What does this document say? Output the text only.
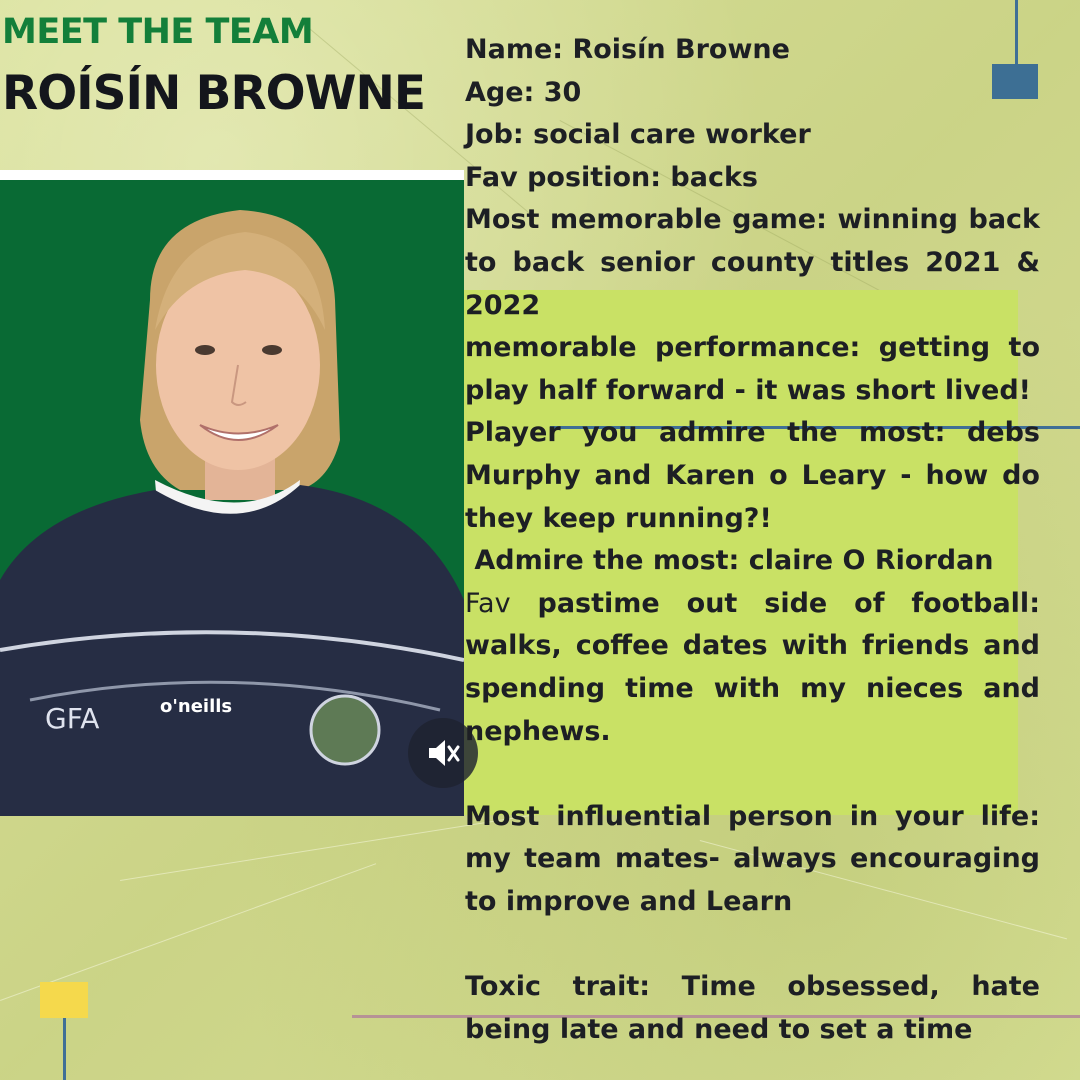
MEET THE TEAM
ROÍSÍN BROWNE
GFA	o'neills

Name: Roisín Browne

Age: 30

Job: social care worker

Fav position: backs

Most memorable game: winning back to back senior county titles 2021 & 2022

memorable performance: getting to play half forward - it was short lived!

Player you admire the most: debs Murphy and Karen o Leary - how do they keep running?!

Admire the most: claire O Riordan

Fav pastime out side of football: walks, coffee dates with friends and spending time with my nieces and nephews.

Most influential person in your life: my team mates- always encouraging to improve and Learn

Toxic trait: Time obsessed, hate being late and need to set a time
